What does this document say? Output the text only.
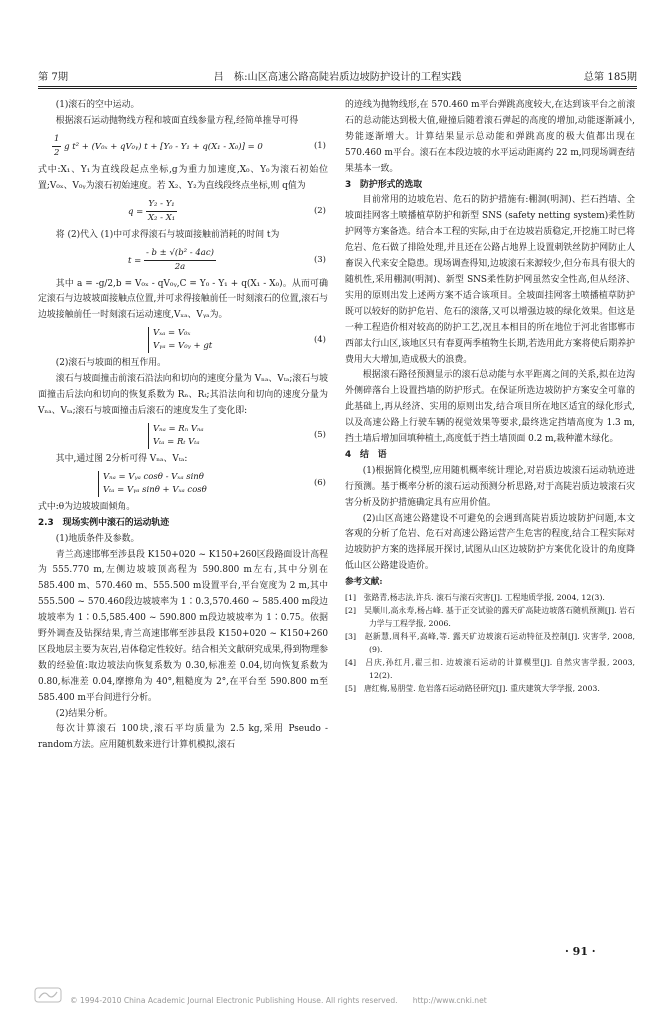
第 7期	吕　栋:山区高速公路高陡岩质边坡防护设计的工程实践	总第 185期

(1)滚石的空中运动。

根据滚石运动抛物线方程和坡面直线参量方程,经简单推导可得

$\frac{1}{2}$ g t² + (V₀ₓ + qV₀ᵧ) t + [Y₀ - Y₁ + q(X₁ - X₀)] = 0	(1)

式中:X₁、Y₁为直线段起点坐标,g为重力加速度,X₀、Y₀为滚石初始位置;V₀ₓ、V₀ᵧ为滚石初始速度。若 X₂、Y₂为直线段终点坐标,则 q值为

$q = \frac{\text{Y₂ - Y₁}}{\text{X₂ - X₁}}$	(2)

将 (2)代入 (1)中可求得滚石与坡面接触前消耗的时间 t为

$t = \frac{\text{- b ± √(b² - 4ac)}}{2a}$	(3)

其中 a = -g/2,b = V₀ₓ - qV₀ᵧ,C = Y₀ - Y₁ + q(X₁ - X₀)。从而可确定滚石与边坡坡面接触点位置,并可求得接触前任一时刻滚石的位置,滚石与边坡接触前任一时刻滚石运动速度,Vₓₐ、Vᵧₐ为。

Vₓₐ = V₀ₓ
Vᵧₐ = V₀ᵧ + gt
(4)

(2)滚石与坡面的相互作用。

滚石与坡面撞击前滚石沿法向和切向的速度分量为 Vₙₐ、Vₜₐ;滚石与坡面撞击后法向和切向的恢复系数为 Rₙ、Rₜ;其沿法向和切向的速度分量为 Vₙₐ、Vₜₐ;滚石与坡面撞击后滚石的速度发生了变化即:

Vₙₐ = Rₙ Vₙₐ
Vₜₐ = Rₜ Vₜₐ
(5)

其中,通过图 2分析可得 Vₙₐ、Vₜₐ:

Vₙₐ = Vᵧₐ cosθ - Vₓₐ sinθ
Vₜₐ = Vᵧₐ sinθ + Vₓₐ cosθ
(6)

式中:θ为边坡坡面倾角。

2.3　现场实例中滚石的运动轨迹

(1)地质条件及参数。

青兰高速邯郸至涉县段 K150+020 ~ K150+260区段路面设计高程为 555.770 m,左侧边坡坡顶高程为 590.800 m左右,其中分别在 585.400 m、570.460 m、555.500 m设置平台,平台宽度为 2 m,其中 555.500 ~ 570.460段边坡坡率为 1∶0.3,570.460 ~ 585.400 m段边坡坡率为 1∶0.5,585.400 ~ 590.800 m段边坡坡率为 1∶0.75。依据野外调查及钻探结果,青兰高速邯郸至涉县段 K150+020 ~ K150+260区段地层主要为灰岩,岩体稳定性较好。结合相关文献研究成果,得到物理参数的经验值:取边坡法向恢复系数为 0.30,标准差 0.04,切向恢复系数为 0.80,标准差 0.04,摩擦角为 40°,粗糙度为 2°,在平台至 590.800 m至 585.400 m平台间进行分析。

(2)结果分析。

每次计算滚石 100块,滚石平均质量为 2.5 kg,采用 Pseudo - random方法。应用随机数来进行计算机模拟,滚石

的迹线为抛物线形,在 570.460 m平台弹跳高度较大,在达到该平台之前滚石的总动能达到极大值,碰撞后随着滚石弹起的高度的增加,动能逐渐减小,势能逐渐增大。计算结果显示总动能和弹跳高度的极大值都出现在 570.460 m平台。滚石在本段边坡的水平运动距离约 22 m,同现场调查结果基本一致。

3　防护形式的选取

目前常用的边坡危岩、危石的防护措施有:棚洞(明洞)、拦石挡墙、全坡面挂网客土喷播植草防护和新型 SNS (safety netting system)柔性防护网等方案备选。结合本工程的实际,由于在边坡岩质稳定,开挖施工时已将危岩、危石做了排险处理,并且还在公路占地界上设置刺铁丝防护网防止人畜误入代来安全隐患。现场调查得知,边坡滚石来源较少,但分布具有很大的随机性,采用棚洞(明洞)、新型 SNS柔性防护网虽然安全性高,但从经济、实用的原则出发上述两方案不适合该项目。全坡面挂网客土喷播植草防护既可以较好的防护危岩、危石的滚落,又可以增强边坡的绿化效果。但这是一种工程造价相对较高的防护工艺,况且本相目的所在地位于河北省邯郸市西部太行山区,该地区只有春夏两季植物生长期,若选用此方案将使后期养护费用大大增加,造成极大的浪费。

根据滚石路径预测显示的滚石总动能与水平距离之间的关系,拟在边沟外侧碎落台上设置挡墙的防护形式。在保证所选边坡防护方案安全可靠的此基础上,再从经济、实用的原则出发,结合项目所在地区适宜的绿化形式,以及高速公路上行驶车辆的视觉效果等要求,最终选定挡墙高度为 1.3 m,挡土墙后增加回填种植土,高度低于挡土墙顶面 0.2 m,栽种灌木绿化。

4　结　语

(1)根据简化模型,应用随机概率统计理论,对岩质边坡滚石运动轨迹进行预测。基于概率分析的滚石运动预测分析思路,对于高陡岩质边坡滚石灾害分析及防护措施确定具有应用价值。

(2)山区高速公路建设不可避免的会遇到高陡岩质边坡防护问题,本文客观的分析了危岩、危石对高速公路运营产生危害的程度,结合工程实际对边坡防护方案的选择展开探讨,试图从山区边坡防护方案优化设计的角度降低山区公路建设造价。

参考文献:

[1]　张路青,杨志法,许兵. 滚石与滚石灾害[J]. 工程地质学报, 2004, 12(3).

[2]　吴顺川,高永寿,杨占峰. 基于正交试验的露天矿高陡边坡落石随机预测[J]. 岩石力学与工程学报, 2006.

[3]　赵新慧,周科平,高峰,等. 露天矿边坡滚石运动特征及控制[J]. 灾害学, 2008, (9).

[4]　吕庆,孙红月,翟三扣. 边坡滚石运动的计算模型[J]. 自然灾害学报, 2003, 12(2).

[5]　唐红梅,易朋莹. 危岩落石运动路径研究[J]. 重庆建筑大学学报, 2003.

· 91 ·
© 1994-2010 China Academic Journal Electronic Publishing House. All rights reserved.　　http://www.cnki.net
